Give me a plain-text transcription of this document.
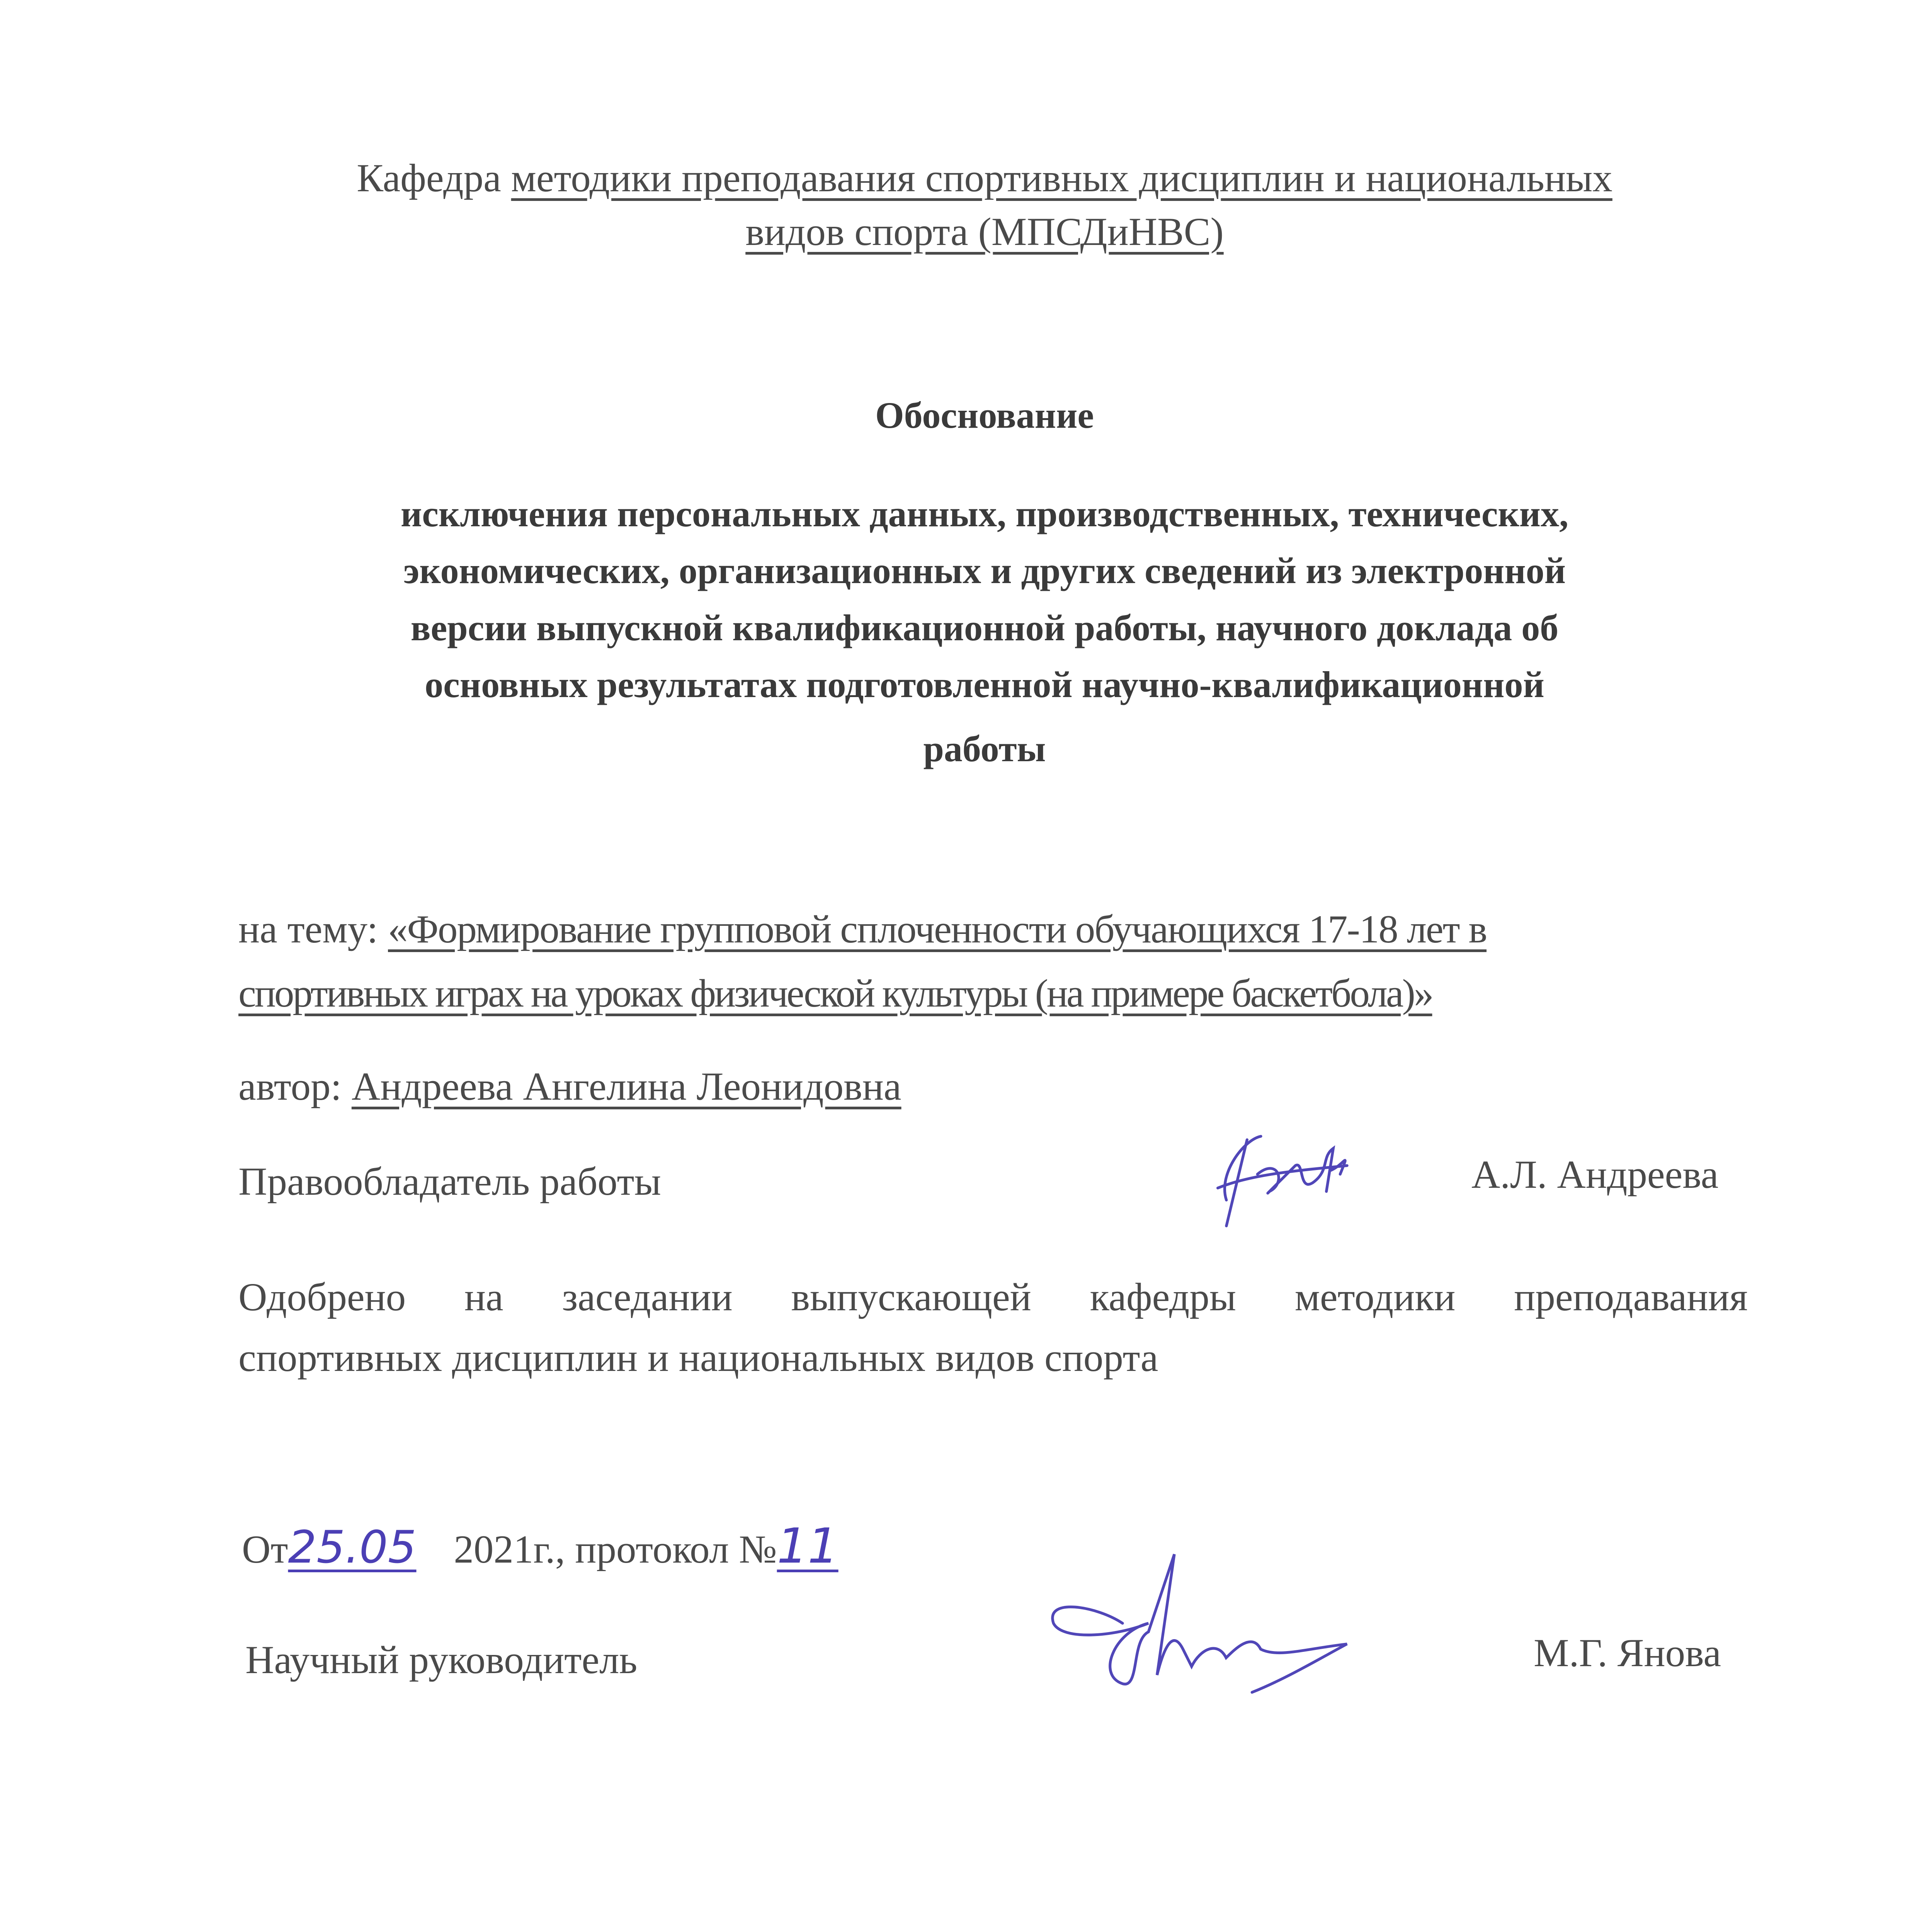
Кафедра методики преподавания спортивных дисциплин и национальных
видов спорта (МПСДиНВС)
Обоснование
исключения персональных данных, производственных, технических,
экономических, организационных и других сведений из электронной
версии выпускной квалификационной работы, научного доклада об
основных результатах подготовленной научно-квалификационной
работы
на тему: «Формирование групповой сплоченности обучающихся 17-18 лет в
спортивных играх на уроках физической культуры (на примере баскетбола)»
автор: Андреева Ангелина Леонидовна
Правообладатель работы	А.Л. Андреева
Одобрено на заседании выпускающей кафедры методики преподавания
спортивных дисциплин и национальных видов спорта
От25.05 2021г., протокол №11
Научный руководитель	М.Г. Янова
